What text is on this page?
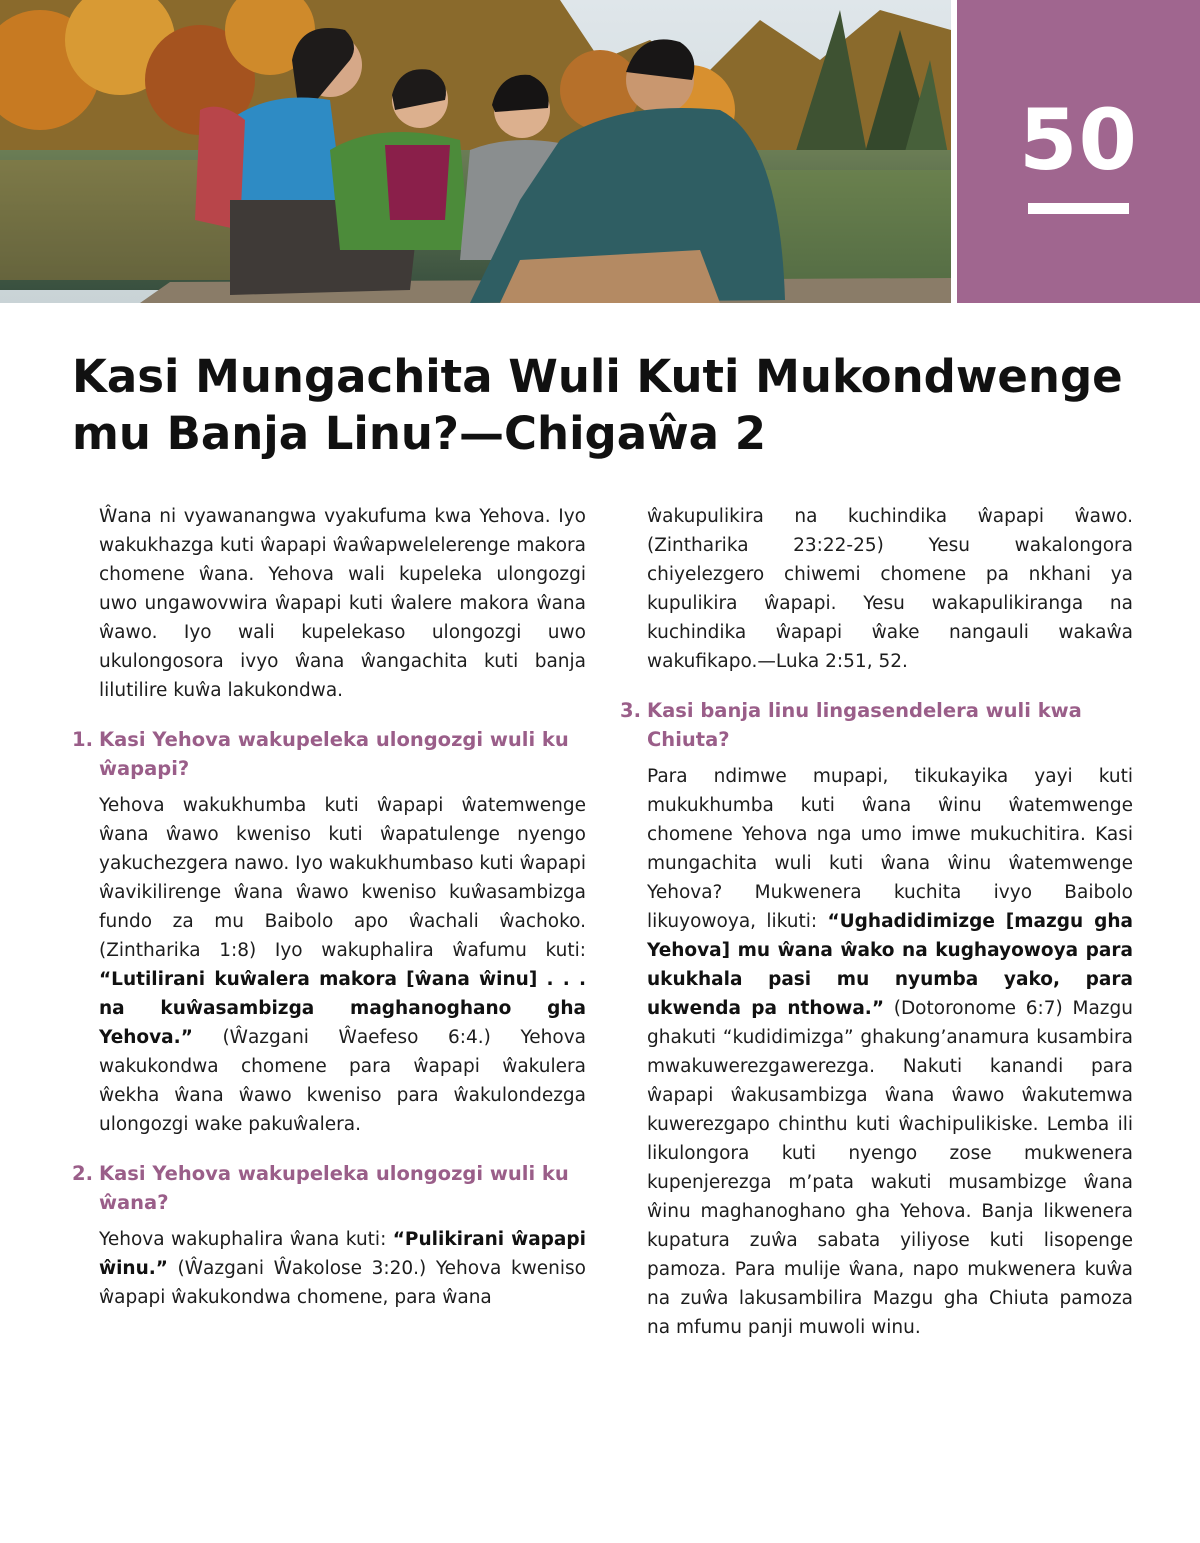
50
Kasi Mungachita Wuli Kuti Mukondwenge mu Banja Linu?—Chigaŵa 2

Ŵana ni vyawanangwa vyakufuma kwa Yehova. Iyo wakukhazga kuti ŵapapi ŵaŵapwelelerenge makora chomene ŵana. Yehova wali kupeleka ulongozgi uwo ungawovwira ŵapapi kuti ŵalere makora ŵana ŵawo. Iyo wali kupelekaso ulongozgi uwo ukulongosora ivyo ŵana ŵangachita kuti banja lilutilire kuŵa lakukondwa.

1. Kasi Yehova wakupeleka ulongozgi wuli ku ŵapapi?

Yehova wakukhumba kuti ŵapapi ŵatemwenge ŵana ŵawo kweniso kuti ŵapatulenge nyengo yakuchezgera nawo. Iyo wakukhumbaso kuti ŵapapi ŵavikilirenge ŵana ŵawo kweniso kuŵasambizga fundo za mu Baibolo apo ŵachali ŵachoko. (Zintharika 1:8) Iyo wakuphalira ŵafumu kuti: “Lutilirani kuŵalera makora [ŵana ŵinu] . . . na kuŵasambizga maghanoghano gha Yehova.” (Ŵazgani Ŵaefeso 6:4.) Yehova wakukondwa chomene para ŵapapi ŵakulera ŵekha ŵana ŵawo kweniso para ŵakulondezga ulongozgi wake pakuŵalera.

2. Kasi Yehova wakupeleka ulongozgi wuli ku ŵana?

Yehova wakuphalira ŵana kuti: “Pulikirani ŵapapi ŵinu.” (Ŵazgani Ŵakolose 3:20.) Yehova kweniso ŵapapi ŵakukondwa chomene, para ŵana

ŵakupulikira na kuchindika ŵapapi ŵawo. (Zintharika 23:22-25) Yesu wakalongora chiyelezgero chiwemi chomene pa nkhani ya kupulikira ŵapapi. Yesu wakapulikiranga na kuchindika ŵapapi ŵake nangauli wakaŵa wakufikapo.—Luka 2:51, 52.

3. Kasi banja linu lingasendelera wuli kwa Chiuta?

Para ndimwe mupapi, tikukayika yayi kuti mukukhumba kuti ŵana ŵinu ŵatemwenge chomene Yehova nga umo imwe mukuchitira. Kasi mungachita wuli kuti ŵana ŵinu ŵatemwenge Yehova? Mukwenera kuchita ivyo Baibolo likuyowoya, likuti: “Ughadidimizge [mazgu gha Yehova] mu ŵana ŵako na kughayowoya para ukukhala pasi mu nyumba yako, para ukwenda pa nthowa.” (Dotoronome 6:7) Mazgu ghakuti “kudidimizga” ghakung’anamura kusambira mwakuwerezgawerezga. Nakuti kanandi para ŵapapi ŵakusambizga ŵana ŵawo ŵakutemwa kuwerezgapo chinthu kuti ŵachipulikiske. Lemba ili likulongora kuti nyengo zose mukwenera kupenjerezga m’pata wakuti musambizge ŵana ŵinu maghanoghano gha Yehova. Banja likwenera kupatura zuŵa sabata yiliyose kuti lisopenge pamoza. Para mulije ŵana, napo mukwenera kuŵa na zuŵa lakusambilira Mazgu gha Chiuta pamoza na mfumu panji muwoli winu.
